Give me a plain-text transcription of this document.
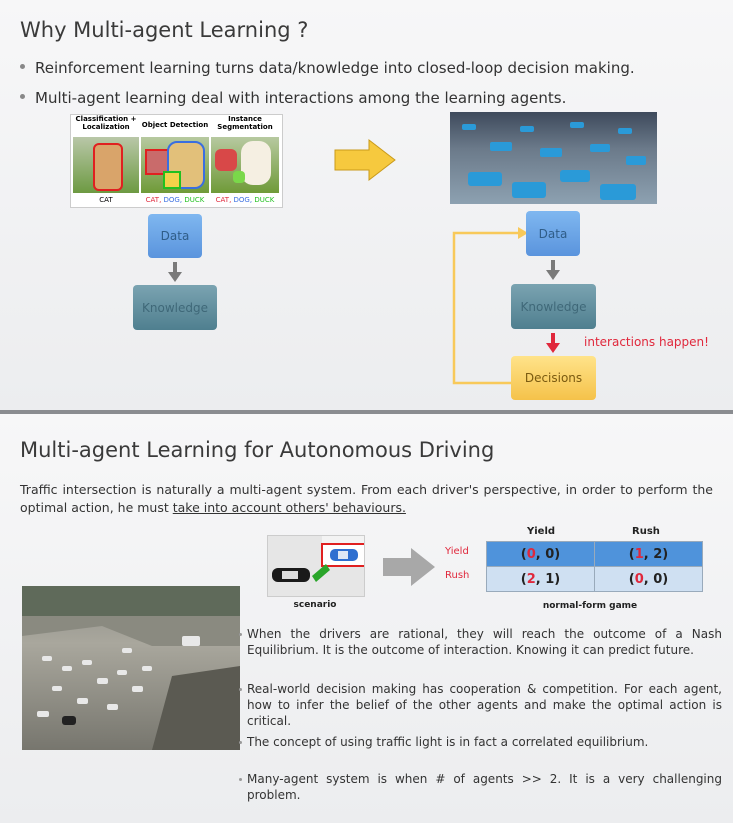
Why Multi-agent Learning ?
Reinforcement learning turns data/knowledge into closed-loop decision making.
Multi-agent learning deal with interactions among the learning agents.
Classification + Localization
CAT
Object Detection
CAT, DOG, DUCK
Instance Segmentation
CAT, DOG, DUCK
Data
Knowledge
Data
Knowledge
interactions happen!
Decisions
Multi-agent Learning for Autonomous Driving
Traffic intersection is naturally a multi-agent system. From each driver's perspective, in order to perform the optimal action, he must take into account others' behaviours.
scenario
Yield	Rush
Yield
Rush
(0, 0)	(1, 2)
(2, 1)	(0, 0)
normal-form game
When the drivers are rational, they will reach the outcome of a Nash Equilibrium. It is the outcome of interaction. Knowing it can predict future.
Real-world decision making has cooperation & competition. For each agent, how to infer the belief of the other agents and make the optimal action is critical.
The concept of using traffic light is in fact a correlated equilibrium.
Many-agent system is when # of agents >> 2. It is a very challenging problem.
